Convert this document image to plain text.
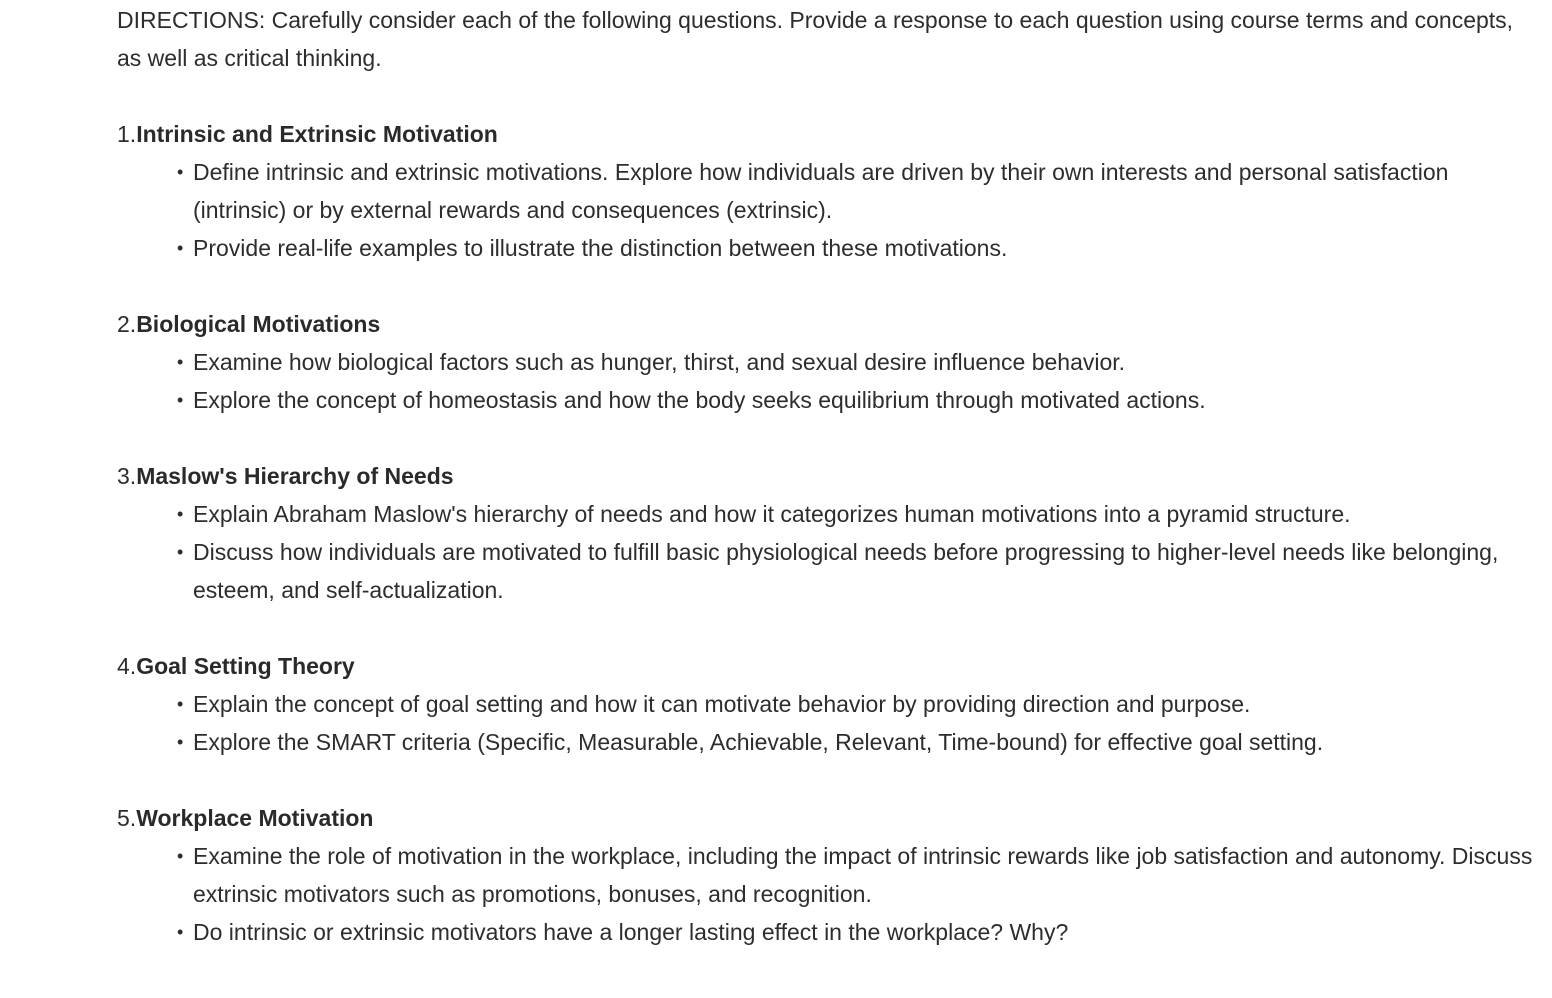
DIRECTIONS: Carefully consider each of the following questions. Provide a response to each question using course terms and concepts, as well as critical thinking.

1.Intrinsic and Extrinsic Motivation

• Define intrinsic and extrinsic motivations. Explore how individuals are driven by their own interests and personal satisfaction (intrinsic) or by external rewards and consequences (extrinsic).
• Provide real-life examples to illustrate the distinction between these motivations.

2.Biological Motivations

• Examine how biological factors such as hunger, thirst, and sexual desire influence behavior.
• Explore the concept of homeostasis and how the body seeks equilibrium through motivated actions.

3.Maslow's Hierarchy of Needs

• Explain Abraham Maslow's hierarchy of needs and how it categorizes human motivations into a pyramid structure.
• Discuss how individuals are motivated to fulfill basic physiological needs before progressing to higher-level needs like belonging, esteem, and self-actualization.

4.Goal Setting Theory

• Explain the concept of goal setting and how it can motivate behavior by providing direction and purpose.
• Explore the SMART criteria (Specific, Measurable, Achievable, Relevant, Time-bound) for effective goal setting.

5.Workplace Motivation

• Examine the role of motivation in the workplace, including the impact of intrinsic rewards like job satisfaction and autonomy. Discuss extrinsic motivators such as promotions, bonuses, and recognition.
• Do intrinsic or extrinsic motivators have a longer lasting effect in the workplace? Why?
